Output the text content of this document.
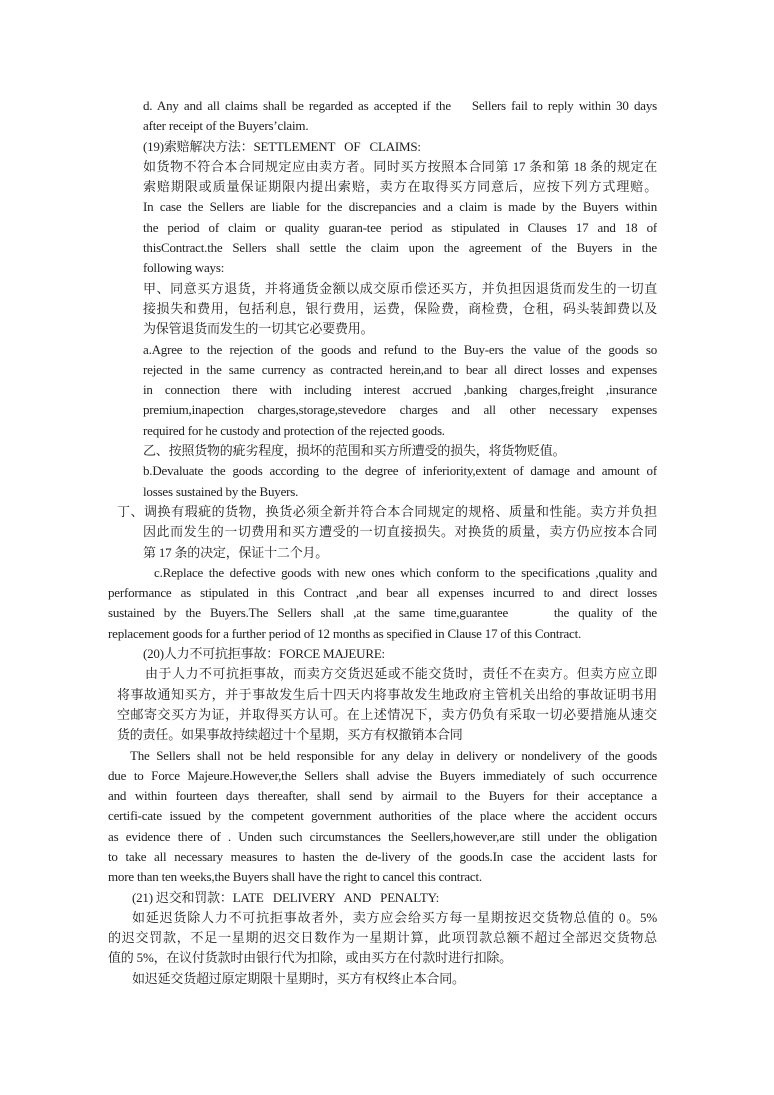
d. Any and all claims shall be regarded as accepted if the    Sellers fail to reply within 30 days
after receipt of the Buyers’claim.
(19)索赔解决方法：SETTLEMENT   OF   CLAIMS:
如货物不符合本合同规定应由卖方者。同时买方按照本合同第 17 条和第 18 条的规定在
索赔期限或质量保证期限内提出索赔，卖方在取得买方同意后，应按下列方式理赔。
In case the Sellers are liable for the discrepancies and a claim is made by the Buyers within
the period of claim or quality guaran-tee period as stipulated in Clauses 17 and 18 of
thisContract.the Sellers shall settle the claim upon the agreement of the Buyers in the
following ways:
甲、同意买方退货，并将通货金额以成交原币偿还买方，并负担因退货而发生的一切直
接损失和费用，包括利息，银行费用，运费，保险费，商检费，仓租，码头装卸费以及
为保管退货而发生的一切其它必要费用。
a.Agree to the rejection of the goods and refund to the Buy-ers the value of the goods so
rejected in the same currency as contracted herein,and to bear all direct losses and expenses
in connection there with including interest accrued ,banking charges,freight ,insurance
premium,inapection charges,storage,stevedore charges and all other necessary expenses
required for he custody and protection of the rejected goods.
乙、按照货物的疵劣程度，损坏的范围和买方所遭受的损失，将货物贬值。
b.Devaluate the goods according to the degree of inferiority,extent of damage and amount of
losses sustained by the Buyers.
丁、调换有瑕疵的货物，换货必须全新并符合本合同规定的规格、质量和性能。卖方并负担
因此而发生的一切费用和买方遭受的一切直接损失。对换货的质量，卖方仍应按本合同
第 17 条的决定，保证十二个月。
c.Replace the defective goods with new ones which conform to the specifications ,quality and
performance as stipulated in this Contract ,and bear all expenses incurred to and direct losses
sustained by the Buyers.The Sellers shall ,at the same time,guarantee     the quality of the
replacement goods for a further period of 12 months as specified in Clause 17 of this Contract.
(20)人力不可抗拒事故：FORCE MAJEURE:
由于人力不可抗拒事故，而卖方交货迟延或不能交货时，责任不在卖方。但卖方应立即
将事故通知买方，并于事故发生后十四天内将事故发生地政府主管机关出给的事故证明书用
空邮寄交买方为证，并取得买方认可。在上述情况下，卖方仍负有采取一切必要措施从速交
货的责任。如果事故持续超过十个星期，买方有权撤销本合同
The Sellers shall not be held responsible for any delay in delivery or nondelivery of the goods
due to Force Majeure.However,the Sellers shall advise the Buyers immediately of such occurrence
and within fourteen days thereafter, shall send by airmail to the Buyers for their acceptance a
certifi-cate issued by the competent government authorities of the place where the accident occurs
as evidence there of . Unden such circumstances the Seellers,however,are still under the obligation
to take all necessary measures to hasten the de-livery of the goods.In case the accident lasts for
more than ten weeks,the Buyers shall have the right to cancel this contract.
(21) 迟交和罚款：LATE   DELIVERY   AND   PENALTY:
如延迟货除人力不可抗拒事故者外，卖方应会给买方每一星期按迟交货物总值的 0。5%
的迟交罚款，不足一星期的迟交日数作为一星期计算，此项罚款总额不超过全部迟交货物总
值的 5%，在议付货款时由银行代为扣除，或由买方在付款时进行扣除。
如迟延交货超过原定期限十星期时，买方有权终止本合同。
